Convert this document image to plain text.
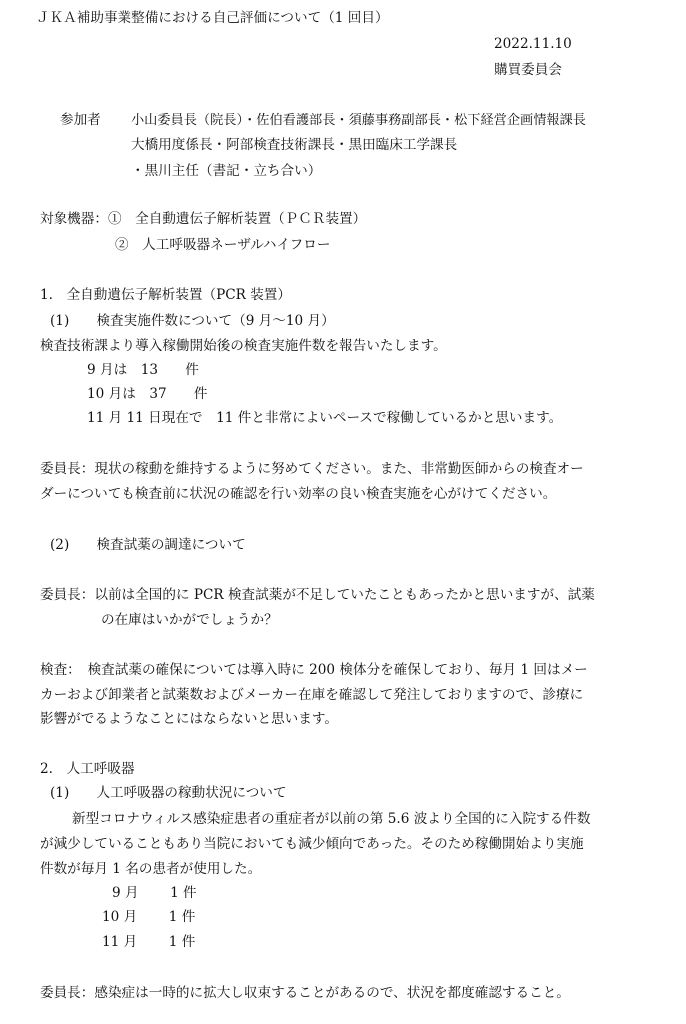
ＪＫＡ補助事業整備における自己評価について（1 回目）
2022.11.10
購買委員会
参加者 小山委員長（院長）・佐伯看護部長・須藤事務副部長・松下経営企画情報課長
大橋用度係長・阿部検査技術課長・黒田臨床工学課長
・黒川主任（書記・立ち合い）
対象機器：①　全自動遺伝子解析装置（ＰＣＲ装置）
②　人工呼吸器ネーザルハイフロー
1.　全自動遺伝子解析装置（PCR 装置）
(1)　　検査実施件数について（9 月～10 月）
検査技術課より導入稼働開始後の検査実施件数を報告いたします。
9 月は　13　　件
10 月は　37　　件
11 月 11 日現在で　11 件と非常によいペースで稼働しているかと思います。
委員長：現状の稼動を維持するように努めてください。また、非常勤医師からの検査オー
ダーについても検査前に状況の確認を行い効率の良い検査実施を心がけてください。
(2)　　検査試薬の調達について
委員長：以前は全国的に PCR 検査試薬が不足していたこともあったかと思いますが、試薬
の在庫はいかがでしょうか？
検査：　検査試薬の確保については導入時に 200 検体分を確保しており、毎月 1 回はメー
カーおよび卸業者と試薬数およびメーカー在庫を確認して発注しておりますので、診療に
影響がでるようなことにはならないと思います。
2.　人工呼吸器
(1)　　人工呼吸器の稼動状況について
新型コロナウィルス感染症患者の重症者が以前の第 5.6 波より全国的に入院する件数
が減少していることもあり当院においても減少傾向であった。そのため稼働開始より実施
件数が毎月 1 名の患者が使用した。
9 月　　 1 件
10 月　　 1 件
11 月　　 1 件
委員長：感染症は一時的に拡大し収束することがあるので、状況を都度確認すること。
